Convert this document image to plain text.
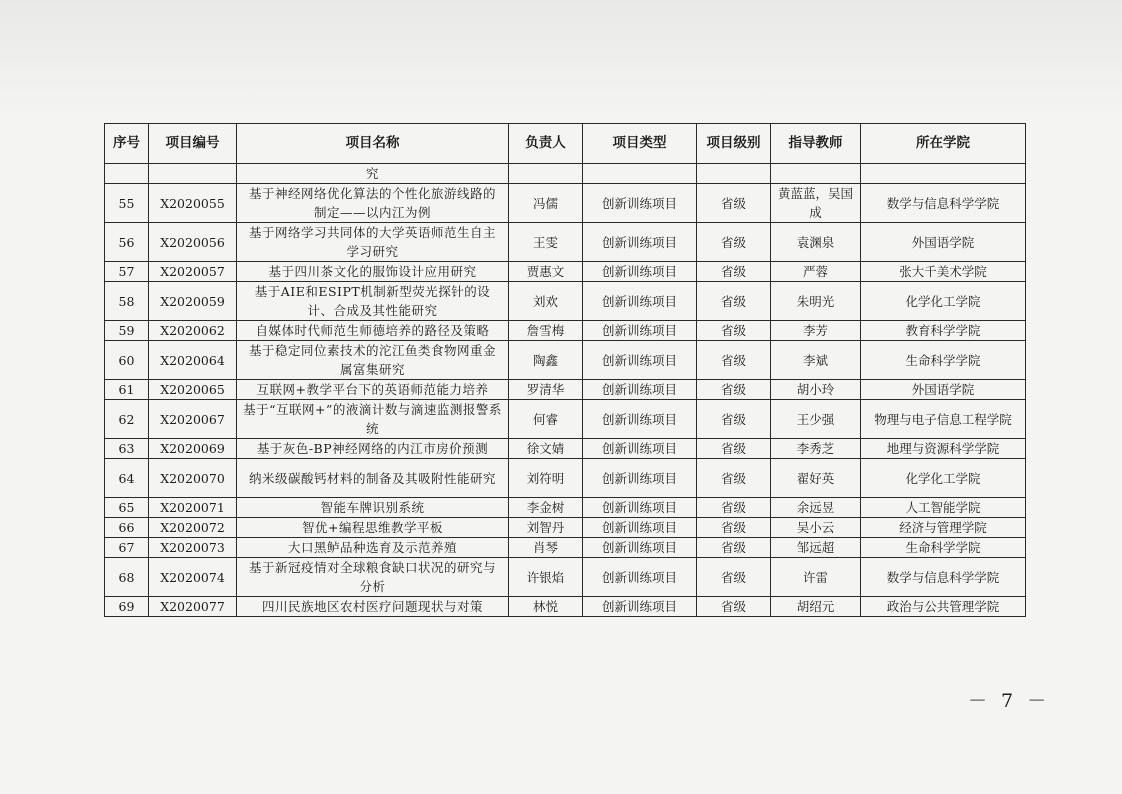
序号	项目编号	项目名称	负责人	项目类型	项目级别	指导教师	所在学院
		究					
55	X2020055	基于神经网络优化算法的个性化旅游线路的制定——以内江为例	冯儒	创新训练项目	省级	黄蓝蓝，吴国成	数学与信息科学学院
56	X2020056	基于网络学习共同体的大学英语师范生自主学习研究	王雯	创新训练项目	省级	袁渊泉	外国语学院
57	X2020057	基于四川茶文化的服饰设计应用研究	贾惠文	创新训练项目	省级	严蓉	张大千美术学院
58	X2020059	基于AIE和ESIPT机制新型荧光探针的设计、合成及其性能研究	刘欢	创新训练项目	省级	朱明光	化学化工学院
59	X2020062	自媒体时代师范生师德培养的路径及策略	詹雪梅	创新训练项目	省级	李芳	教育科学学院
60	X2020064	基于稳定同位素技术的沱江鱼类食物网重金属富集研究	陶鑫	创新训练项目	省级	李斌	生命科学学院
61	X2020065	互联网+教学平台下的英语师范能力培养	罗清华	创新训练项目	省级	胡小玲	外国语学院
62	X2020067	基于“互联网+”的液滴计数与滴速监测报警系统	何睿	创新训练项目	省级	王少强	物理与电子信息工程学院
63	X2020069	基于灰色-BP神经网络的内江市房价预测	徐文婧	创新训练项目	省级	李秀芝	地理与资源科学学院
64	X2020070	纳米级碳酸钙材料的制备及其吸附性能研究	刘符明	创新训练项目	省级	翟好英	化学化工学院
65	X2020071	智能车牌识别系统	李金树	创新训练项目	省级	余远昱	人工智能学院
66	X2020072	智优+编程思维教学平板	刘智丹	创新训练项目	省级	吴小云	经济与管理学院
67	X2020073	大口黑鲈品种选育及示范养殖	肖琴	创新训练项目	省级	邹远超	生命科学学院
68	X2020074	基于新冠疫情对全球粮食缺口状况的研究与分析	许银焰	创新训练项目	省级	许雷	数学与信息科学学院
69	X2020077	四川民族地区农村医疗问题现状与对策	林悦	创新训练项目	省级	胡绍元	政治与公共管理学院
－ 7 －
